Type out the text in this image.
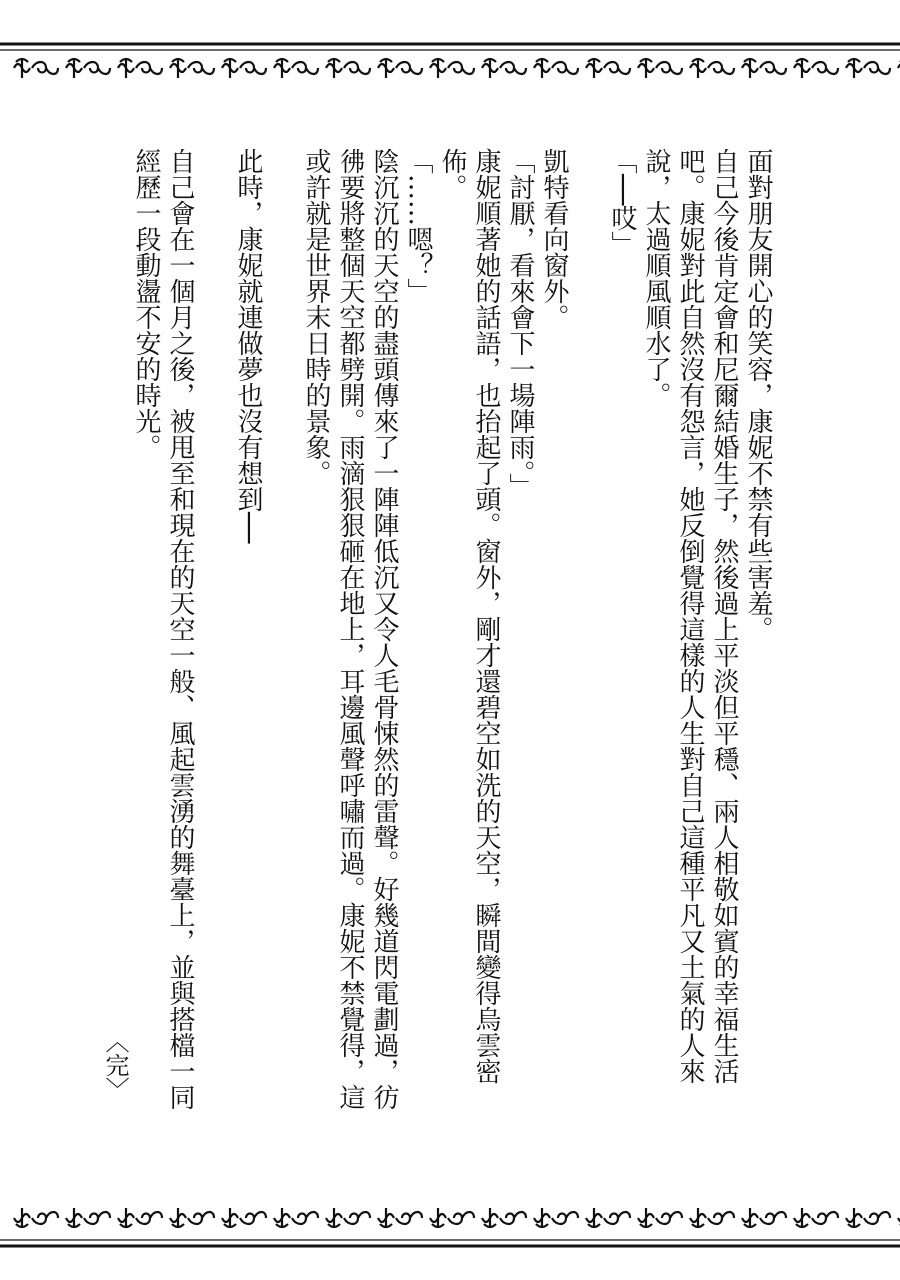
面對朋友開心的笑容，康妮不禁有些害羞。

自己今後肯定會和尼爾結婚生子，然後過上平淡但平穩、兩人相敬如賓的幸福生活吧。康妮對此自然沒有怨言，她反倒覺得這樣的人生對自己這種平凡又土氣的人來說，太過順風順水了。

「──哎」

凱特看向窗外。

「討厭，看來會下一場陣雨。」

康妮順著她的話語，也抬起了頭。窗外，剛才還碧空如洗的天空，瞬間變得烏雲密佈。

「……嗯？」

陰沉沉的天空的盡頭傳來了一陣陣低沉又令人毛骨悚然的雷聲。好幾道閃電劃過，彷彿要將整個天空都劈開。雨滴狠狠砸在地上，耳邊風聲呼嘯而過。康妮不禁覺得，這或許就是世界末日時的景象。

此時，康妮就連做夢也沒有想到──

自己會在一個月之後，被甩至和現在的天空一般、風起雲湧的舞臺上，並與搭檔一同經歷一段動盪不安的時光。

︿完﹀
